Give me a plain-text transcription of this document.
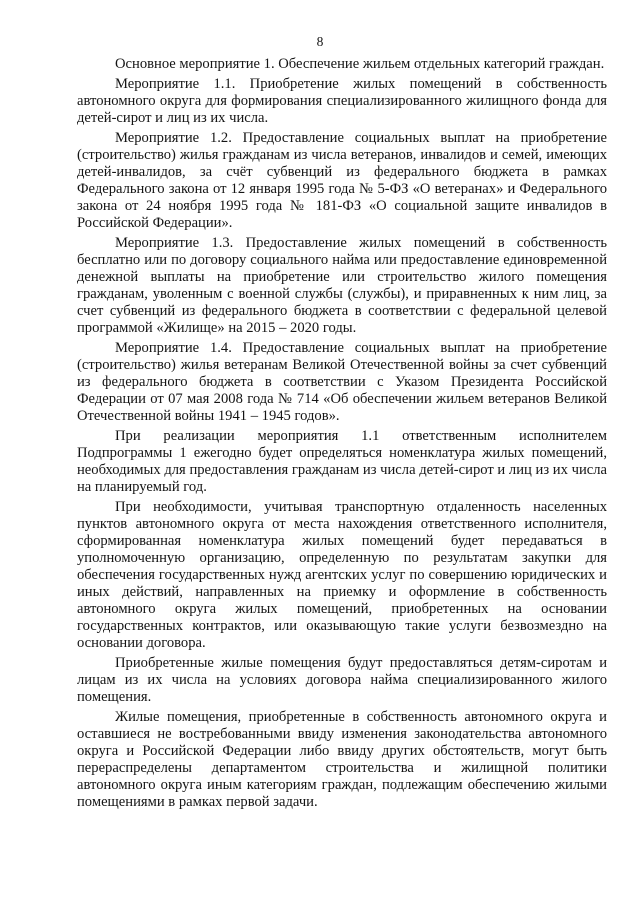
8

Основное мероприятие 1. Обеспечение жильем отдельных категорий граждан.

Мероприятие 1.1. Приобретение жилых помещений в собственность автономного округа для формирования специализированного жилищного фонда для детей-сирот и лиц из их числа.

Мероприятие 1.2. Предоставление социальных выплат на приобретение (строительство) жилья гражданам из числа ветеранов, инвалидов и семей, имеющих детей-инвалидов, за счёт субвенций из федерального бюджета в рамках Федерального закона от 12 января 1995 года № 5-ФЗ «О ветеранах» и Федерального закона от 24 ноября 1995 года № 181-ФЗ «О социальной защите инвалидов в Российской Федерации».

Мероприятие 1.3. Предоставление жилых помещений в собственность бесплатно или по договору социального найма или предоставление единовременной денежной выплаты на приобретение или строительство жилого помещения гражданам, уволенным с военной службы (службы), и приравненных к ним лиц, за счет субвенций из федерального бюджета в соответствии с федеральной целевой программой «Жилище» на 2015 – 2020 годы.

Мероприятие 1.4. Предоставление социальных выплат на приобретение (строительство) жилья ветеранам Великой Отечественной войны за счет субвенций из федерального бюджета в соответствии с Указом Президента Российской Федерации от 07 мая 2008 года № 714 «Об обеспечении жильем ветеранов Великой Отечественной войны 1941 – 1945 годов».

При реализации мероприятия 1.1 ответственным исполнителем Подпрограммы 1 ежегодно будет определяться номенклатура жилых помещений, необходимых для предоставления гражданам из числа детей-сирот и лиц из их числа на планируемый год.

При необходимости, учитывая транспортную отдаленность населенных пунктов автономного округа от места нахождения ответственного исполнителя, сформированная номенклатура жилых помещений будет передаваться в уполномоченную организацию, определенную по результатам закупки для обеспечения государственных нужд агентских услуг по совершению юридических и иных действий, направленных на приемку и оформление в собственность автономного округа жилых помещений, приобретенных на основании государственных контрактов, или оказывающую такие услуги безвозмездно на основании договора.

Приобретенные жилые помещения будут предоставляться детям-сиротам и лицам из их числа на условиях договора найма специализированного жилого помещения.

Жилые помещения, приобретенные в собственность автономного округа и оставшиеся не востребованными ввиду изменения законодательства автономного округа и Российской Федерации либо ввиду других обстоятельств, могут быть перераспределены департаментом строительства и жилищной политики автономного округа иным категориям граждан, подлежащим обеспечению жилыми помещениями в рамках первой задачи.
